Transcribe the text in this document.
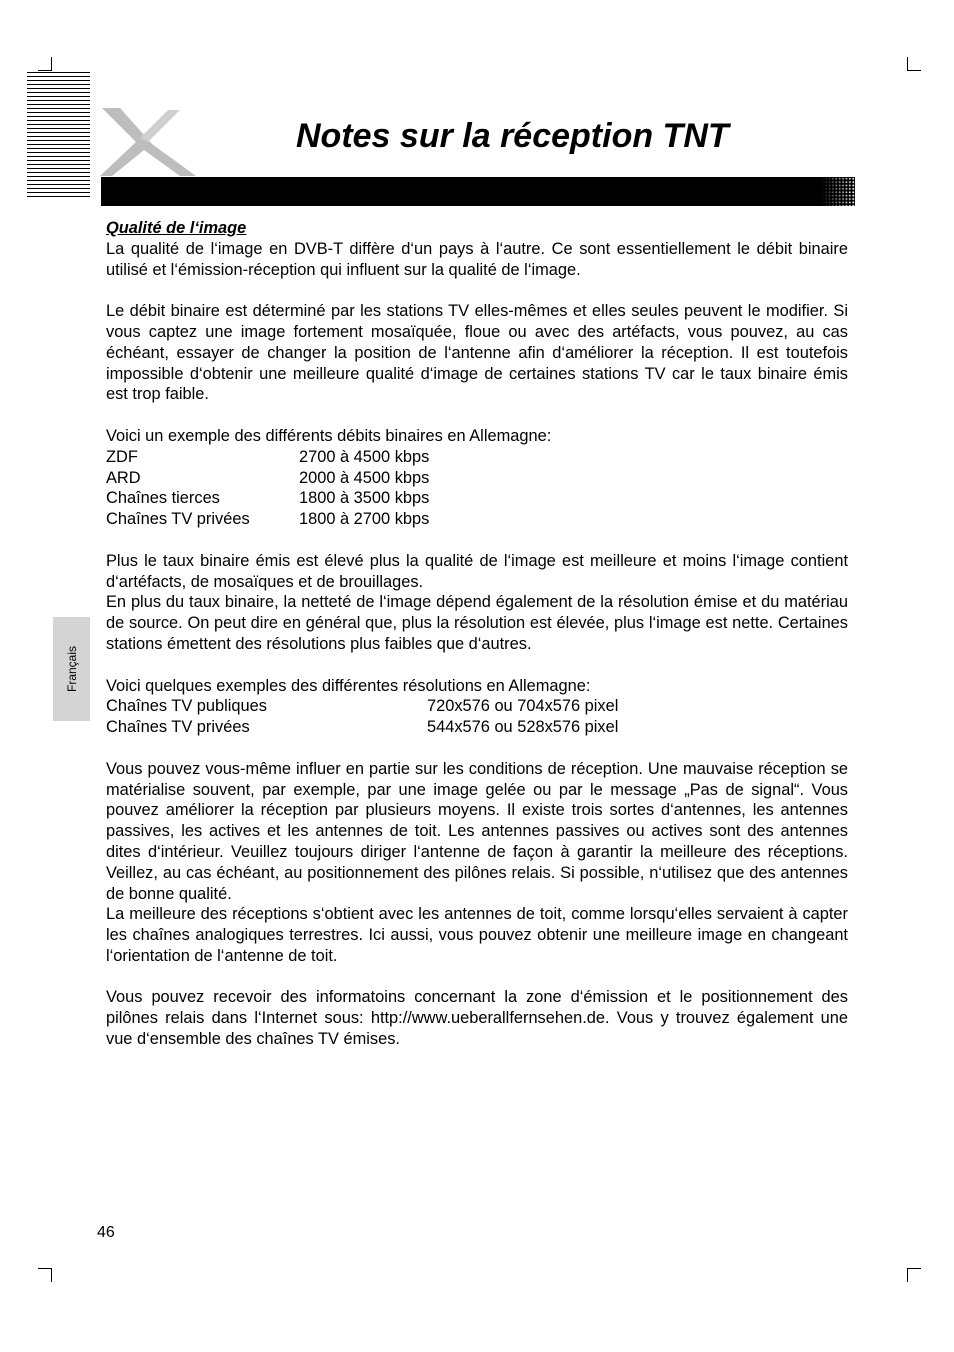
Notes sur la réception TNT
Français

Qualité de l‘image

La qualité de l‘image en DVB-T diffère d‘un pays à l‘autre. Ce sont essentiellement le débit binaire utilisé et l‘émission-réception qui influent sur la qualité de l‘image.

Le débit binaire est déterminé par les stations TV elles-mêmes et elles seules peuvent le modifier. Si vous captez une image fortement mosaïquée, floue ou avec des artéfacts, vous pouvez, au cas échéant, essayer de changer la position de l‘antenne afin d‘améliorer la réception. Il est toutefois impossible d‘obtenir une meilleure qualité d‘image de certaines stations TV car le taux binaire émis est trop faible.

Voici un exemple des différents débits binaires en Allemagne:

ZDF	2700 à 4500 kbps
ARD	2000 à 4500 kbps
Chaînes tierces	1800 à 3500 kbps
Chaînes TV privées	1800 à 2700 kbps

Plus le taux binaire émis est élevé plus la qualité de l‘image est meilleure et moins l‘image contient d‘artéfacts, de mosaïques et de brouillages.

En plus du taux binaire, la netteté de l‘image dépend également de la résolution émise et du matériau de source. On peut dire en général que, plus la résolution est élevée, plus l‘image est nette. Certaines stations émettent des résolutions plus faibles que d‘autres.

Voici quelques exemples des différentes résolutions en Allemagne:

Chaînes TV publiques	720x576 ou 704x576 pixel
Chaînes TV privées	544x576 ou 528x576 pixel

Vous pouvez vous-même influer en partie sur les conditions de réception. Une mauvaise réception se matérialise souvent, par exemple, par une image gelée ou par le message „Pas de signal“. Vous pouvez améliorer la réception par plusieurs moyens. Il existe trois sortes d‘antennes, les antennes passives, les actives et les antennes de toit. Les antennes passives ou actives sont des antennes dites d‘intérieur. Veuillez toujours diriger l‘antenne de façon à garantir la meilleure des réceptions. Veillez, au cas échéant, au positionnement des pilônes relais. Si possible, n‘utilisez que des antennes de bonne qualité.

La meilleure des réceptions s‘obtient avec les antennes de toit, comme lorsqu‘elles servaient à capter les chaînes analogiques terrestres. Ici aussi, vous pouvez obtenir une meilleure image en changeant l‘orientation de l‘antenne de toit.

Vous pouvez recevoir des informatoins concernant la zone d‘émission et le positionnement des pilônes relais dans l‘Internet sous: http://www.ueberallfernsehen.de. Vous y trouvez également une vue d‘ensemble des chaînes TV émises.

46
